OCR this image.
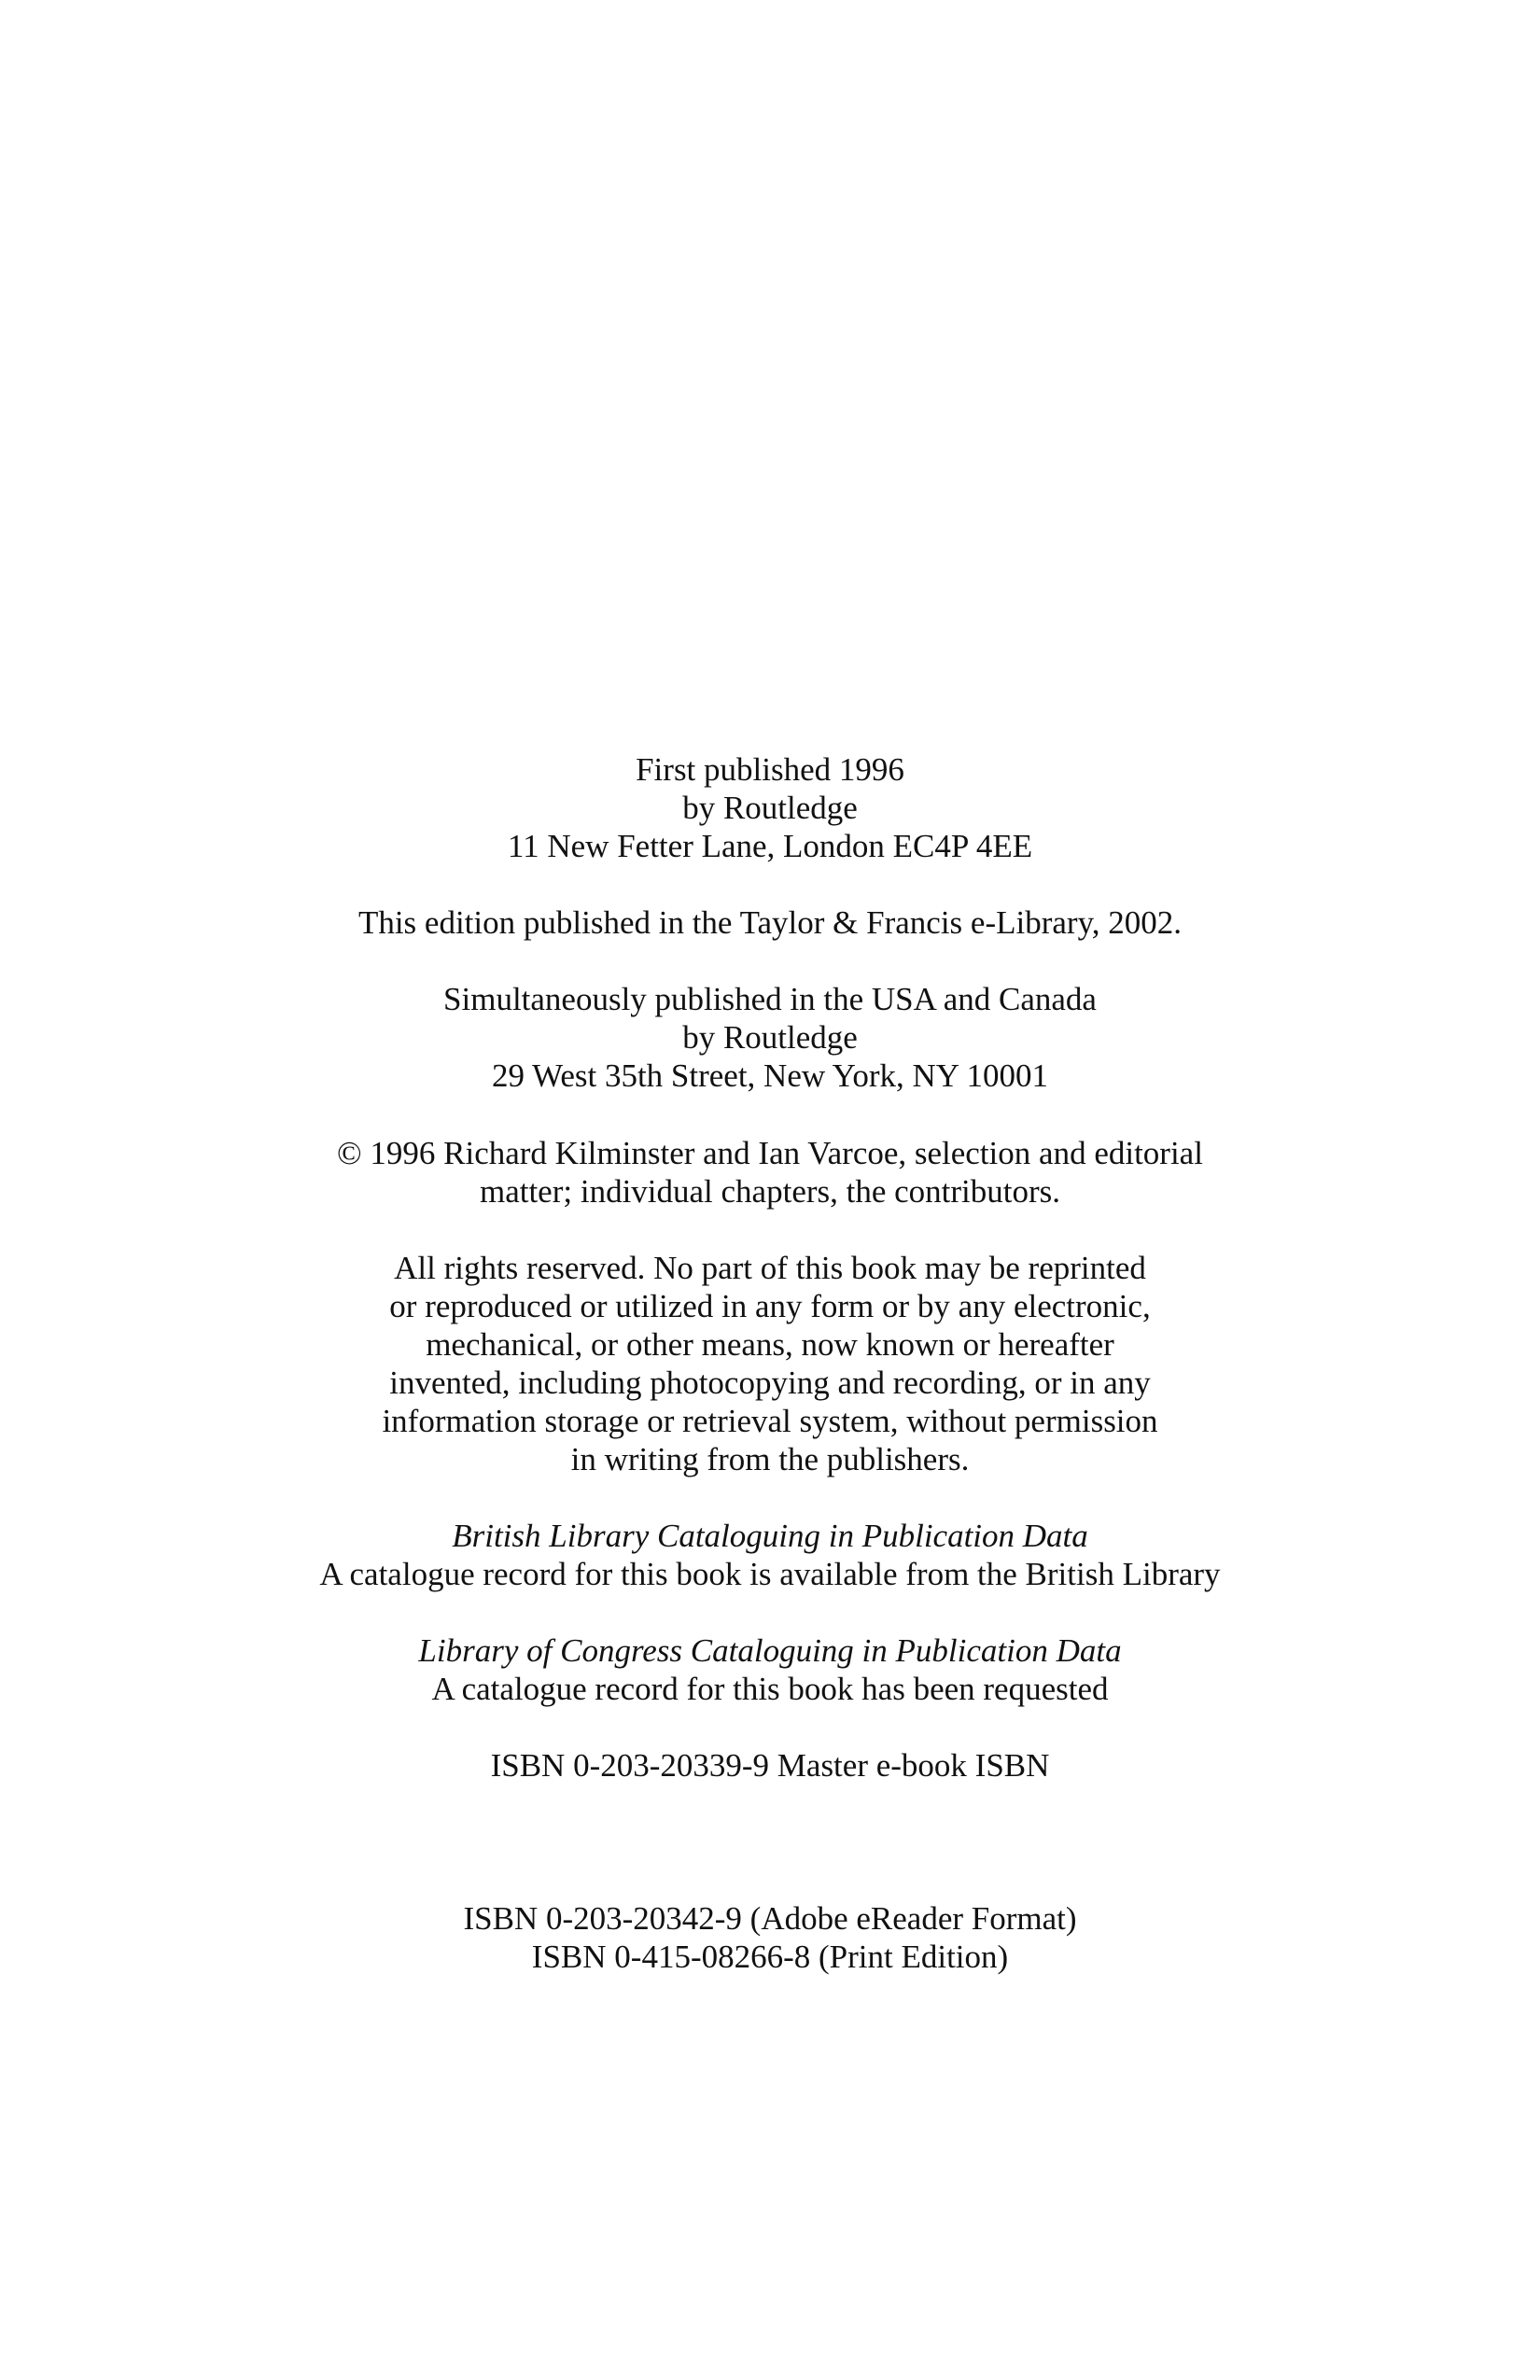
First published 1996
by Routledge
11 New Fetter Lane, London EC4P 4EE
This edition published in the Taylor & Francis e-Library, 2002.
Simultaneously published in the USA and Canada
by Routledge
29 West 35th Street, New York, NY 10001
© 1996 Richard Kilminster and Ian Varcoe, selection and editorial
matter; individual chapters, the contributors.
All rights reserved. No part of this book may be reprinted
or reproduced or utilized in any form or by any electronic,
mechanical, or other means, now known or hereafter
invented, including photocopying and recording, or in any
information storage or retrieval system, without permission
in writing from the publishers.
British Library Cataloguing in Publication Data
A catalogue record for this book is available from the British Library
Library of Congress Cataloguing in Publication Data
A catalogue record for this book has been requested
ISBN 0-203-20339-9 Master e-book ISBN
ISBN 0-203-20342-9 (Adobe eReader Format)
ISBN 0-415-08266-8 (Print Edition)
